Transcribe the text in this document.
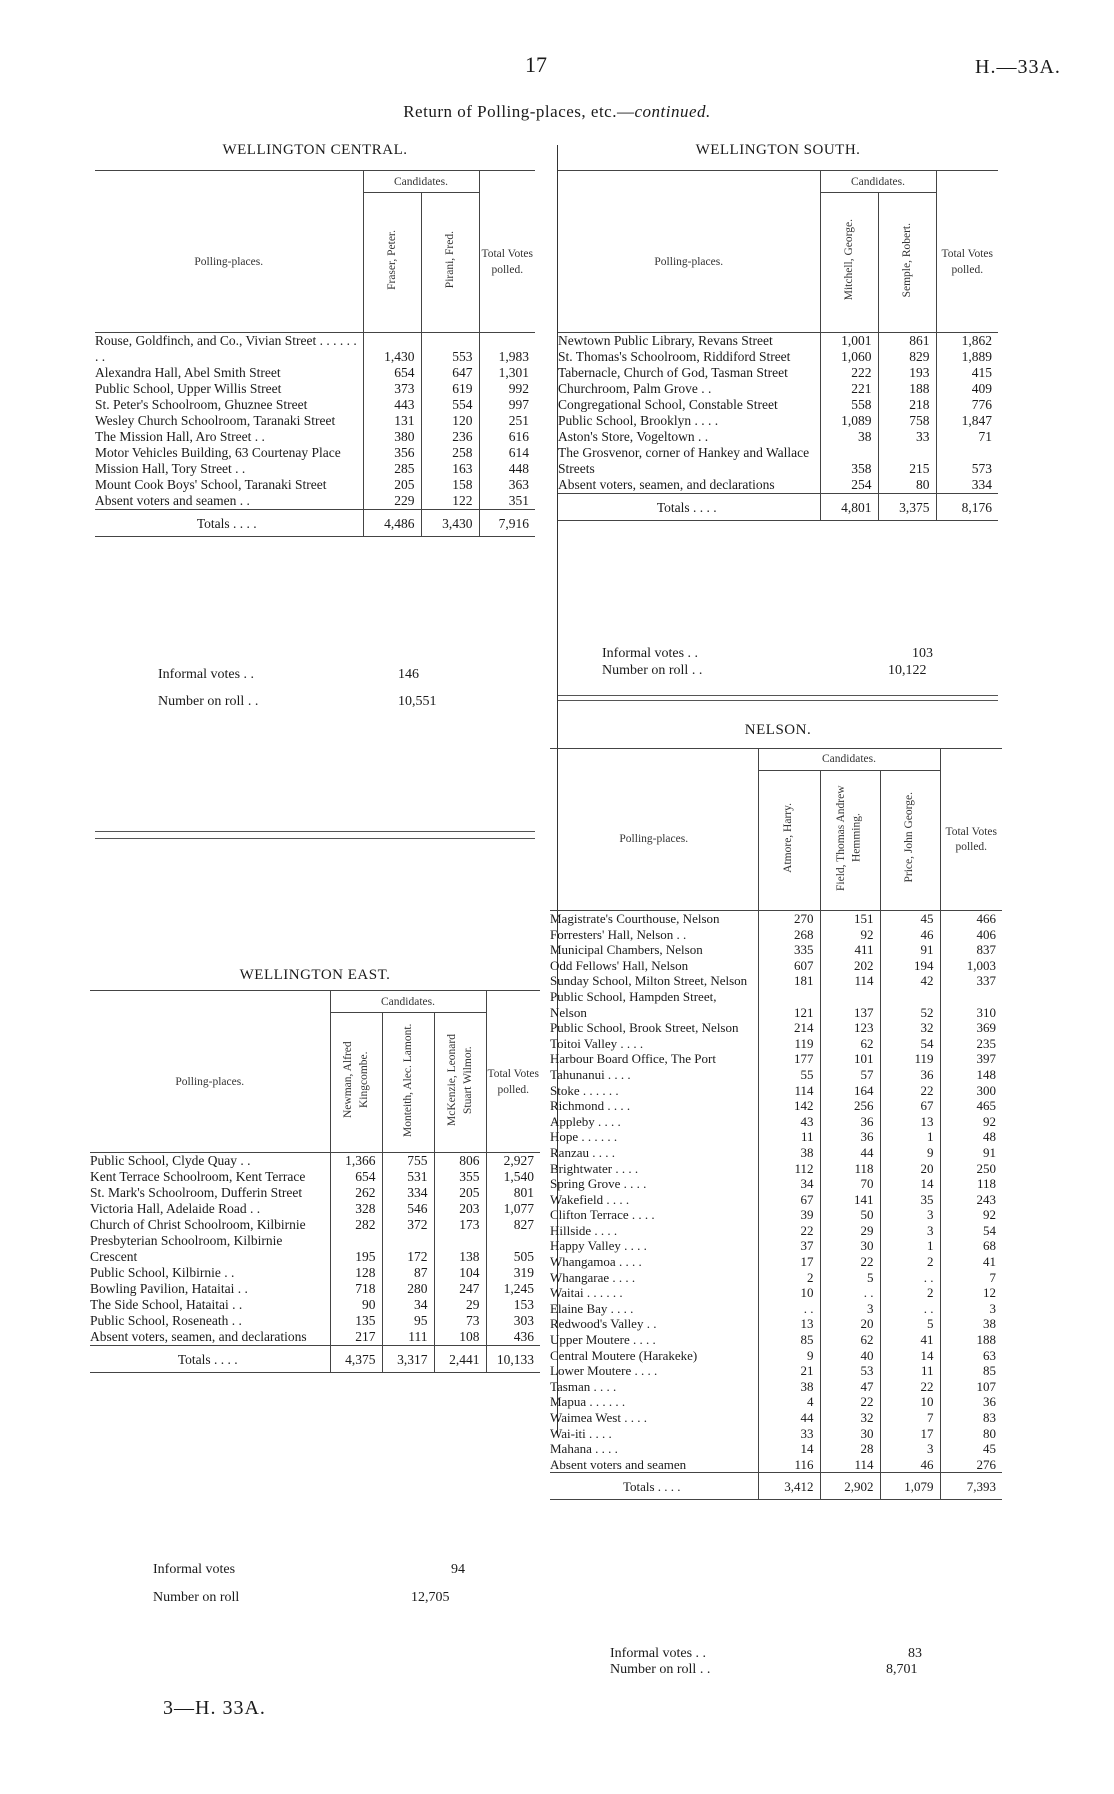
17	H.—33A.
Return of Polling-places, etc.—continued.
WELLINGTON CENTRAL.
	Candidates.		
Polling-places.	Fraser, Peter.	Pirani, Fred.	Total Votes polled.
Rouse, Goldfinch, and Co., Vivian Street . . . . . . . .	1,430	553	1,983
Alexandra Hall, Abel Smith Street	654	647	1,301
Public School, Upper Willis Street	373	619	992
St. Peter's Schoolroom, Ghuznee Street	443	554	997
Wesley Church Schoolroom, Taranaki Street	131	120	251
The Mission Hall, Aro Street . .	380	236	616
Motor Vehicles Building, 63 Courtenay Place	356	258	614
Mission Hall, Tory Street . .	285	163	448
Mount Cook Boys' School, Taranaki Street	205	158	363
Absent voters and seamen . .	229	122	351
Totals . . . .	4,486	3,430	7,916
Informal votes . .	146
Number on roll . .	10,551
WELLINGTON SOUTH.
	Candidates.		
Polling-places.	Mitchell, George.	Semple, Robert.	Total Votes polled.
Newtown Public Library, Revans Street	1,001	861	1,862
St. Thomas's Schoolroom, Riddiford Street	1,060	829	1,889
Tabernacle, Church of God, Tasman Street	222	193	415
Churchroom, Palm Grove . .	221	188	409
Congregational School, Constable Street	558	218	776
Public School, Brooklyn . . . .	1,089	758	1,847
Aston's Store, Vogeltown . .	38	33	71
The Grosvenor, corner of Hankey and Wallace Streets	358	215	573
Absent voters, seamen, and declarations	254	80	334
Totals . . . .	4,801	3,375	8,176
Informal votes . .	103
Number on roll . .	10,122
WELLINGTON EAST.
	Candidates.			
Polling-places.	Newman, Alfred Kingcombe.	Monteith, Alec. Lamont.	McKenzie, Leonard Stuart Wilmor.	Total Votes polled.
Public School, Clyde Quay . .	1,366	755	806	2,927
Kent Terrace Schoolroom, Kent Terrace	654	531	355	1,540
St. Mark's Schoolroom, Dufferin Street	262	334	205	801
Victoria Hall, Adelaide Road . .	328	546	203	1,077
Church of Christ Schoolroom, Kilbirnie	282	372	173	827
Presbyterian Schoolroom, Kilbirnie Crescent	195	172	138	505
Public School, Kilbirnie . .	128	87	104	319
Bowling Pavilion, Hataitai . .	718	280	247	1,245
The Side School, Hataitai . .	90	34	29	153
Public School, Roseneath . .	135	95	73	303
Absent voters, seamen, and declarations	217	111	108	436
Totals . . . .	4,375	3,317	2,441	10,133
Informal votes	94
Number on roll	12,705
NELSON.
	Candidates.			
Polling-places.	Atmore, Harry.	Field, Thomas Andrew Hemming.	Price, John George.	Total Votes polled.
Magistrate's Courthouse, Nelson	270	151	45	466
Forresters' Hall, Nelson . .	268	92	46	406
Municipal Chambers, Nelson	335	411	91	837
Odd Fellows' Hall, Nelson	607	202	194	1,003
Sunday School, Milton Street, Nelson	181	114	42	337
Public School, Hampden Street, Nelson	121	137	52	310
Public School, Brook Street, Nelson	214	123	32	369
Toitoi Valley . . . .	119	62	54	235
Harbour Board Office, The Port	177	101	119	397
Tahunanui . . . .	55	57	36	148
Stoke . . . . . .	114	164	22	300
Richmond . . . .	142	256	67	465
Appleby . . . .	43	36	13	92
Hope . . . . . .	11	36	1	48
Ranzau . . . .	38	44	9	91
Brightwater . . . .	112	118	20	250
Spring Grove . . . .	34	70	14	118
Wakefield . . . .	67	141	35	243
Clifton Terrace . . . .	39	50	3	92
Hillside . . . .	22	29	3	54
Happy Valley . . . .	37	30	1	68
Whangamoa . . . .	17	22	2	41
Whangarae . . . .	2	5	. .	7
Waitai . . . . . .	10	. .	2	12
Elaine Bay . . . .	. .	3	. .	3
Redwood's Valley . .	13	20	5	38
Upper Moutere . . . .	85	62	41	188
Central Moutere (Harakeke)	9	40	14	63
Lower Moutere . . . .	21	53	11	85
Tasman . . . .	38	47	22	107
Mapua . . . . . .	4	22	10	36
Waimea West . . . .	44	32	7	83
Wai-iti . . . .	33	30	17	80
Mahana . . . .	14	28	3	45
Absent voters and seamen	116	114	46	276
Totals . . . .	3,412	2,902	1,079	7,393
Informal votes . .	83
Number on roll . .	8,701
3—H. 33A.
